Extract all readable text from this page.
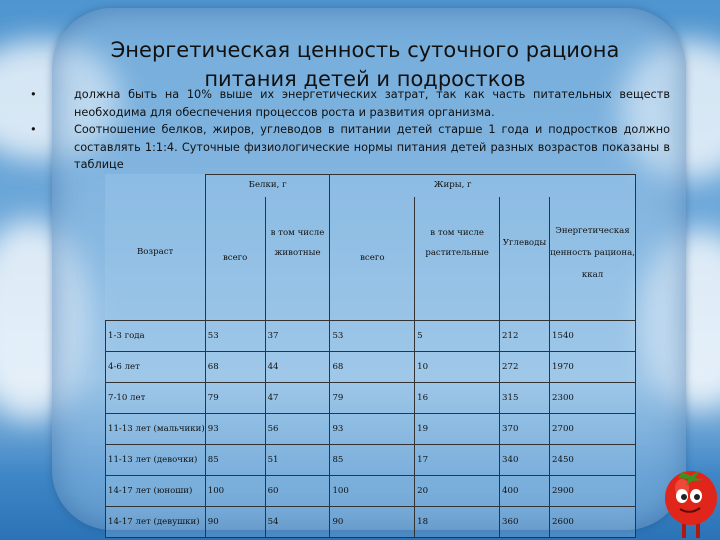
Энергетическая ценность суточного рациона питания детей и подростков
•	должна быть на 10% выше их энергетических затрат, так как часть питательных веществ необходима для обеспечения процессов роста и развития организма.
•	Соотношение белков, жиров, углеводов в питании детей старше 1 года и подростков должно составлять 1:1:4. Суточные физиологические нормы питания детей разных возрастов показаны в таблице
	Белки, г		Жиры, г			
Возраст	всего	в том числе животные	всего	в том числе растительные	Углеводы	Энергетическая ценность рациона, ккал
1-3 года	53	37	53	5	212	1540
4-6 лет	68	44	68	10	272	1970
7-10 лет	79	47	79	16	315	2300
11-13 лет (мальчики)	93	56	93	19	370	2700
11-13 лет (девочки)	85	51	85	17	340	2450
14-17 лет (юноши)	100	60	100	20	400	2900
14-17 лет (девушки)	90	54	90	18	360	2600
